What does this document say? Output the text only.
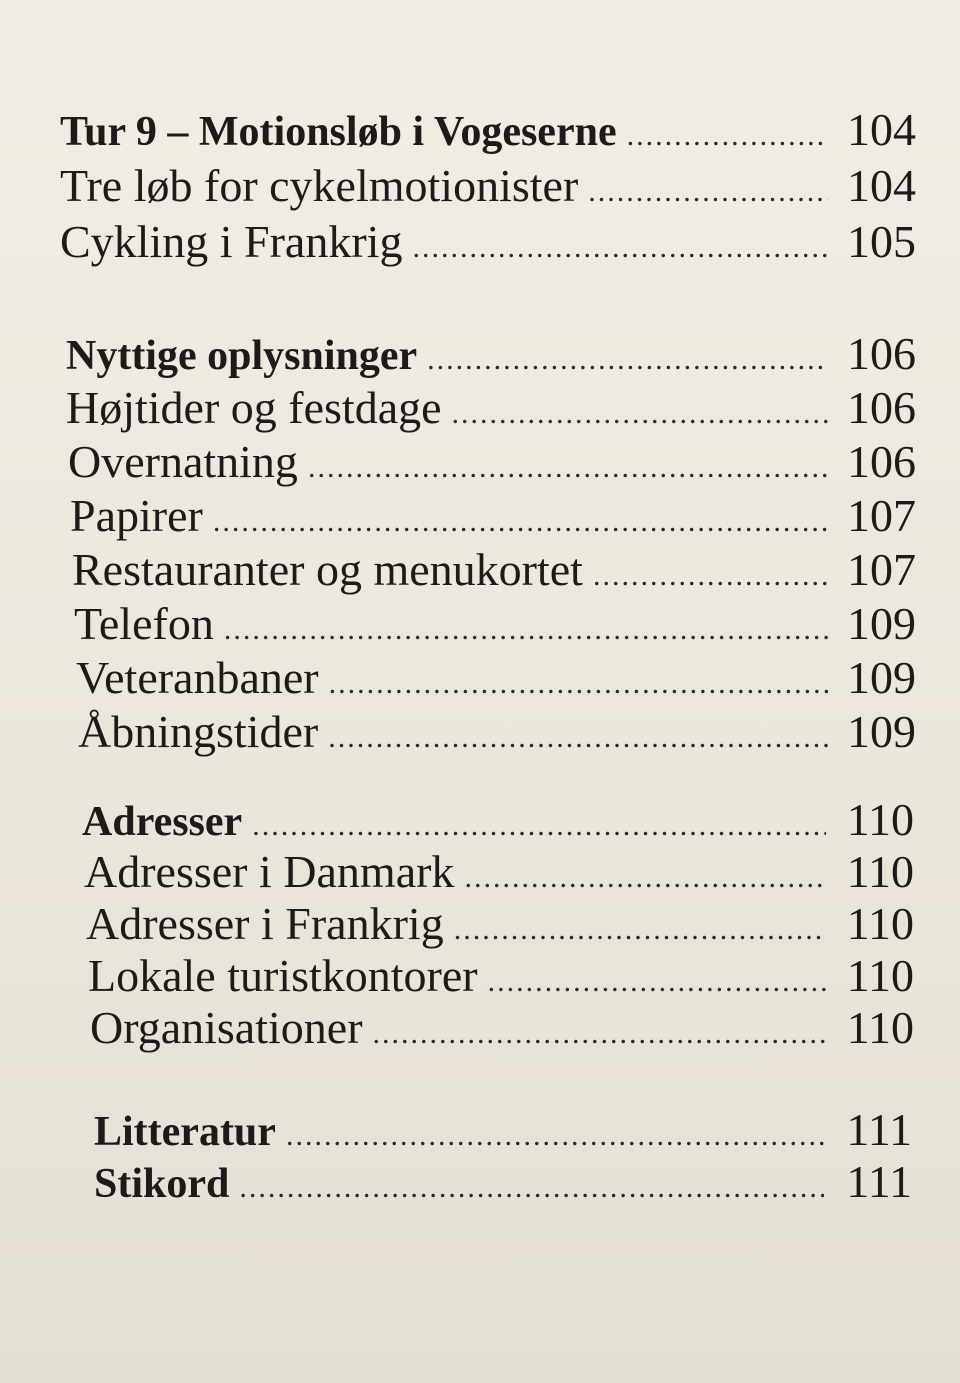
Tur 9 – Motionsløb i Vogeserne .....	104
Tre løb for cykelmotionister .....	104
Cykling i Frankrig .....	105
Nyttige oplysninger .....	106
Højtider og festdage .....	106
Overnatning .....	106
Papirer .....	107
Restauranter og menukortet .....	107
Telefon .....	109
Veteranbaner .....	109
Åbningstider .....	109
Adresser .....	110
Adresser i Danmark .....	110
Adresser i Frankrig .....	110
Lokale turistkontorer .....	110
Organisationer .....	110
Litteratur .....	111
Stikord .....	111
